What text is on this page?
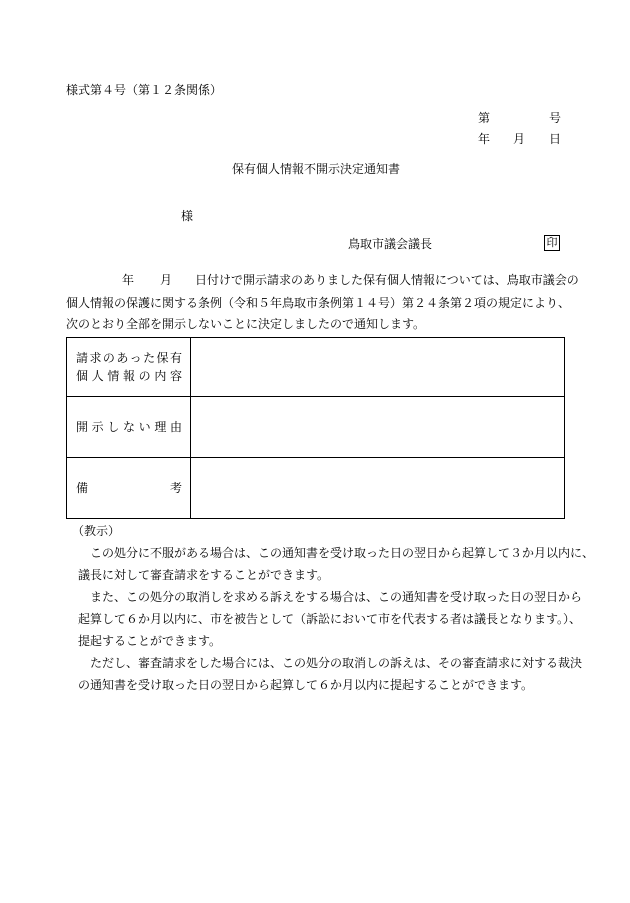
様式第４号（第１２条関係）
第	号
年 月 日
保有個人情報不開示決定通知書
様
鳥取市議会議長	印
年 月 日付けで開示請求のありました保有個人情報については、鳥取市議会の
個人情報の保護に関する条例（令和５年鳥取市条例第１４号）第２４条第２項の規定により、
次のとおり全部を開示しないことに決定しましたので通知します。
請求のあった保有
個人情報の内容	

開示しない理由	

備 考	

（教示）
この処分に不服がある場合は、この通知書を受け取った日の翌日から起算して３か月以内に、
議長に対して審査請求をすることができます。
また、この処分の取消しを求める訴えをする場合は、この通知書を受け取った日の翌日から
起算して６か月以内に、市を被告として（訴訟において市を代表する者は議長となります。）、
提起することができます。
ただし、審査請求をした場合には、この処分の取消しの訴えは、その審査請求に対する裁決
の通知書を受け取った日の翌日から起算して６か月以内に提起することができます。
